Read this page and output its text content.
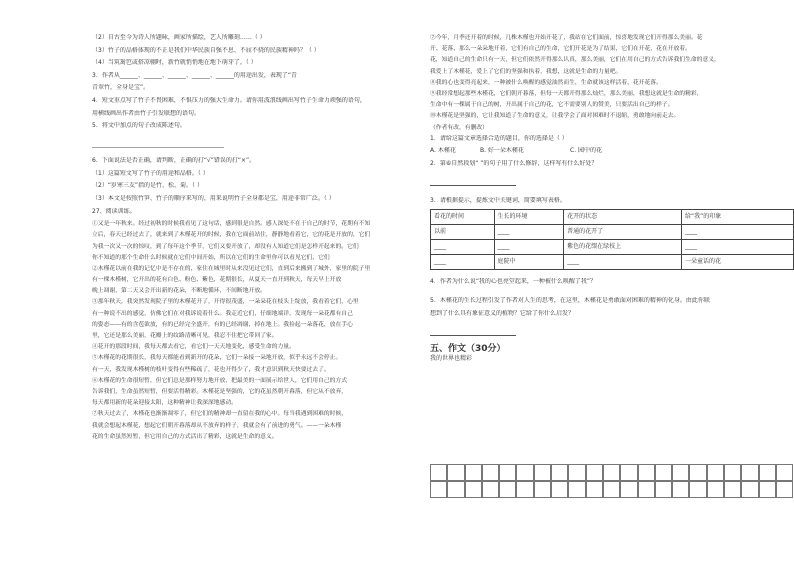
（2）自古至今为诗人所题咏，画家所描绘，艺人所雕刻……（ ）
（3）竹子的品格体现的不正是我们中华民族自强不息、不屈不挠的民族精神吗？（ ）
（4）当筑篱笆或搭凉棚时，新竹就悄悄地在地下萌芽了。（ ）
3．作者从______、______、______、______、______的用途出发，表现了“青
青翠竹，全身是宝”。
4．短文重点写了竹子不畏困难，不惧压力的强大生命力。请你用波浪线画出写竹子生命力顽强的语句，
用横线画出作者由竹子引发联想的语句。
5．将文中加点的句子改成陈述句。
____________________________________________
6．下面说法是否正确，请判断，正确的打“√”错误的打“×”。
（1）这篇短文写了竹子的用途和品格。（ ）
（2）“岁寒三友”指的是竹、松、菊。（ ）
（3）本文是按照竹笋、竹子的顺序来写的，用来说明竹子全身都是宝，用途非常广泛。（ ）
27、阅读训练。
①又是一年秋来。经过初秋的时候我看见了这句话，感到很是自然。感人深处不在于自己的时节，花期有不知
立后，春天已经过去了，就来到了木槿花开的时候，我在它面前站住，静静地看着它，它的花是开放的，它们
为我一次又一次的惊叹，到了每年这个季节，它们又要开放了，却没有人知道它们是怎样开起来的。它们
你不知道的那个生命什么时候就在它们中间开始，所以在它们的生命里你可以看见它们，它们
②木槿花以前在我的记忆中是不存在的，家住在城里时从来没见过它们，直到后来搬到了城外，家里的院子里
有一棵木槿树，它开出的花有白色、粉色、紫色，花期很长，从夏天一直开到秋天，每天早上开放
晚上凋谢，第二天又会开出新的花朵，不断地循环，不间断地开放。
③那年秋天，我突然发现院子里的木槿花开了，开得很茂盛，一朵朵花在枝头上绽放，我看着它们，心里
有一种说不出的感觉，仿佛它们在对我诉说着什么。我走近它们，仔细地端详，发现每一朵花都有自己
的姿态——有的含苞欲放，有的已经完全盛开，有的已经凋谢，掉在地上。我捡起一朵落花，放在手心
里，它还是那么美丽，花瓣上的纹路清晰可见，我忍不住把它带回了家。
④花开的那段时间，我每天都去看它，看它们一天天地变化，感受生命的力量。
⑤木槿花的花期很长，我每天都能看到新开的花朵，它们一朵接一朵地开放，似乎永远不会停止。
有一天，我发现木槿树的枝叶变得有些稀疏了，花也开得少了，我才意识到秋天快要过去了。
⑥木槿花的生命很短暂，但它们总是那样努力地开放，把最美的一面展示给世人，它们用自己的方式
告诉我们，生命虽然短暂，但要活得精彩。木槿花是坚强的，它的花虽然朝开暮落，但它从不放弃，
每天都用新的花朵迎接太阳，这种精神让我深深地感动。
⑦秋天过去了，木槿花也渐渐凋零了，但它们的精神却一直留在我的心中。每当我遇到困难的时候，
我就会想起木槿花，想起它们朝开暮落却从不放弃的样子，我就会有了前进的勇气。——一朵木槿
花的生命虽然短暂，但它用自己的方式活出了精彩，这就是生命的意义。
⑦今年，月季还开着的时候，几株木槿也开始开花了，我站在它们面前，惊喜地发现它们开得那么美丽。花
开、花落、那么一朵朵地开着，它们有自己的生命，它们开花是为了结果，它们在开花，花在开放着。
花，知道自己的生命只有一天，但它们依然开得那么认真，那么美丽，它们在用自己的方式告诉我们生命的意义，
我爱上了木槿花，爱上了它们的坚强和执着，我想，这就是生命的力量吧。
⑧我的心也变得亮起来，一种被什么唤醒的感觉油然而生，生命就该这样活着，花开花落。
⑨我经常想起那些木槿花，它们朝开暮落，但每一天都开得那么灿烂，那么美丽，我想这就是生命的精彩，
生命中有一棵属于自己的树，开出属于自己的花，它不需要别人的赞美，只要活出自己的样子。
⑩木槿花是坚强的，它让我知道了生命的意义，让我学会了面对困难时不退缩，勇敢地向前走去。
（作者有改，有删改）
1．请给这篇文章选择合适的题目，你的选择是（ ）
A. 木槿花	B. 好一朵木槿花	C. 园中的花
2．第⑥自然段划“ ”的句子用了什么修辞，这样写有什么好处？
3．请根据提示，提炼文中关键词，简要填写表格。
看花的时间	生长的环境	花开的状态	给“我”的印象
以前	____	普通的花开了	____
____	____	紫色的花缀在绿枝上	____
____	庭院中	____	一朵童话的花
4．作者为什么说“我的心也亮堂起来，一种被什么唤醒了我”？
5．木槿花的生长过程引发了作者对人生的思考，在这里，木槿花是勇敢面对困难的精神的化身。由此你联
想到了什么具有象征意义的植物？它给了你什么启发？
五、作文（30分）
我的世界也精彩
